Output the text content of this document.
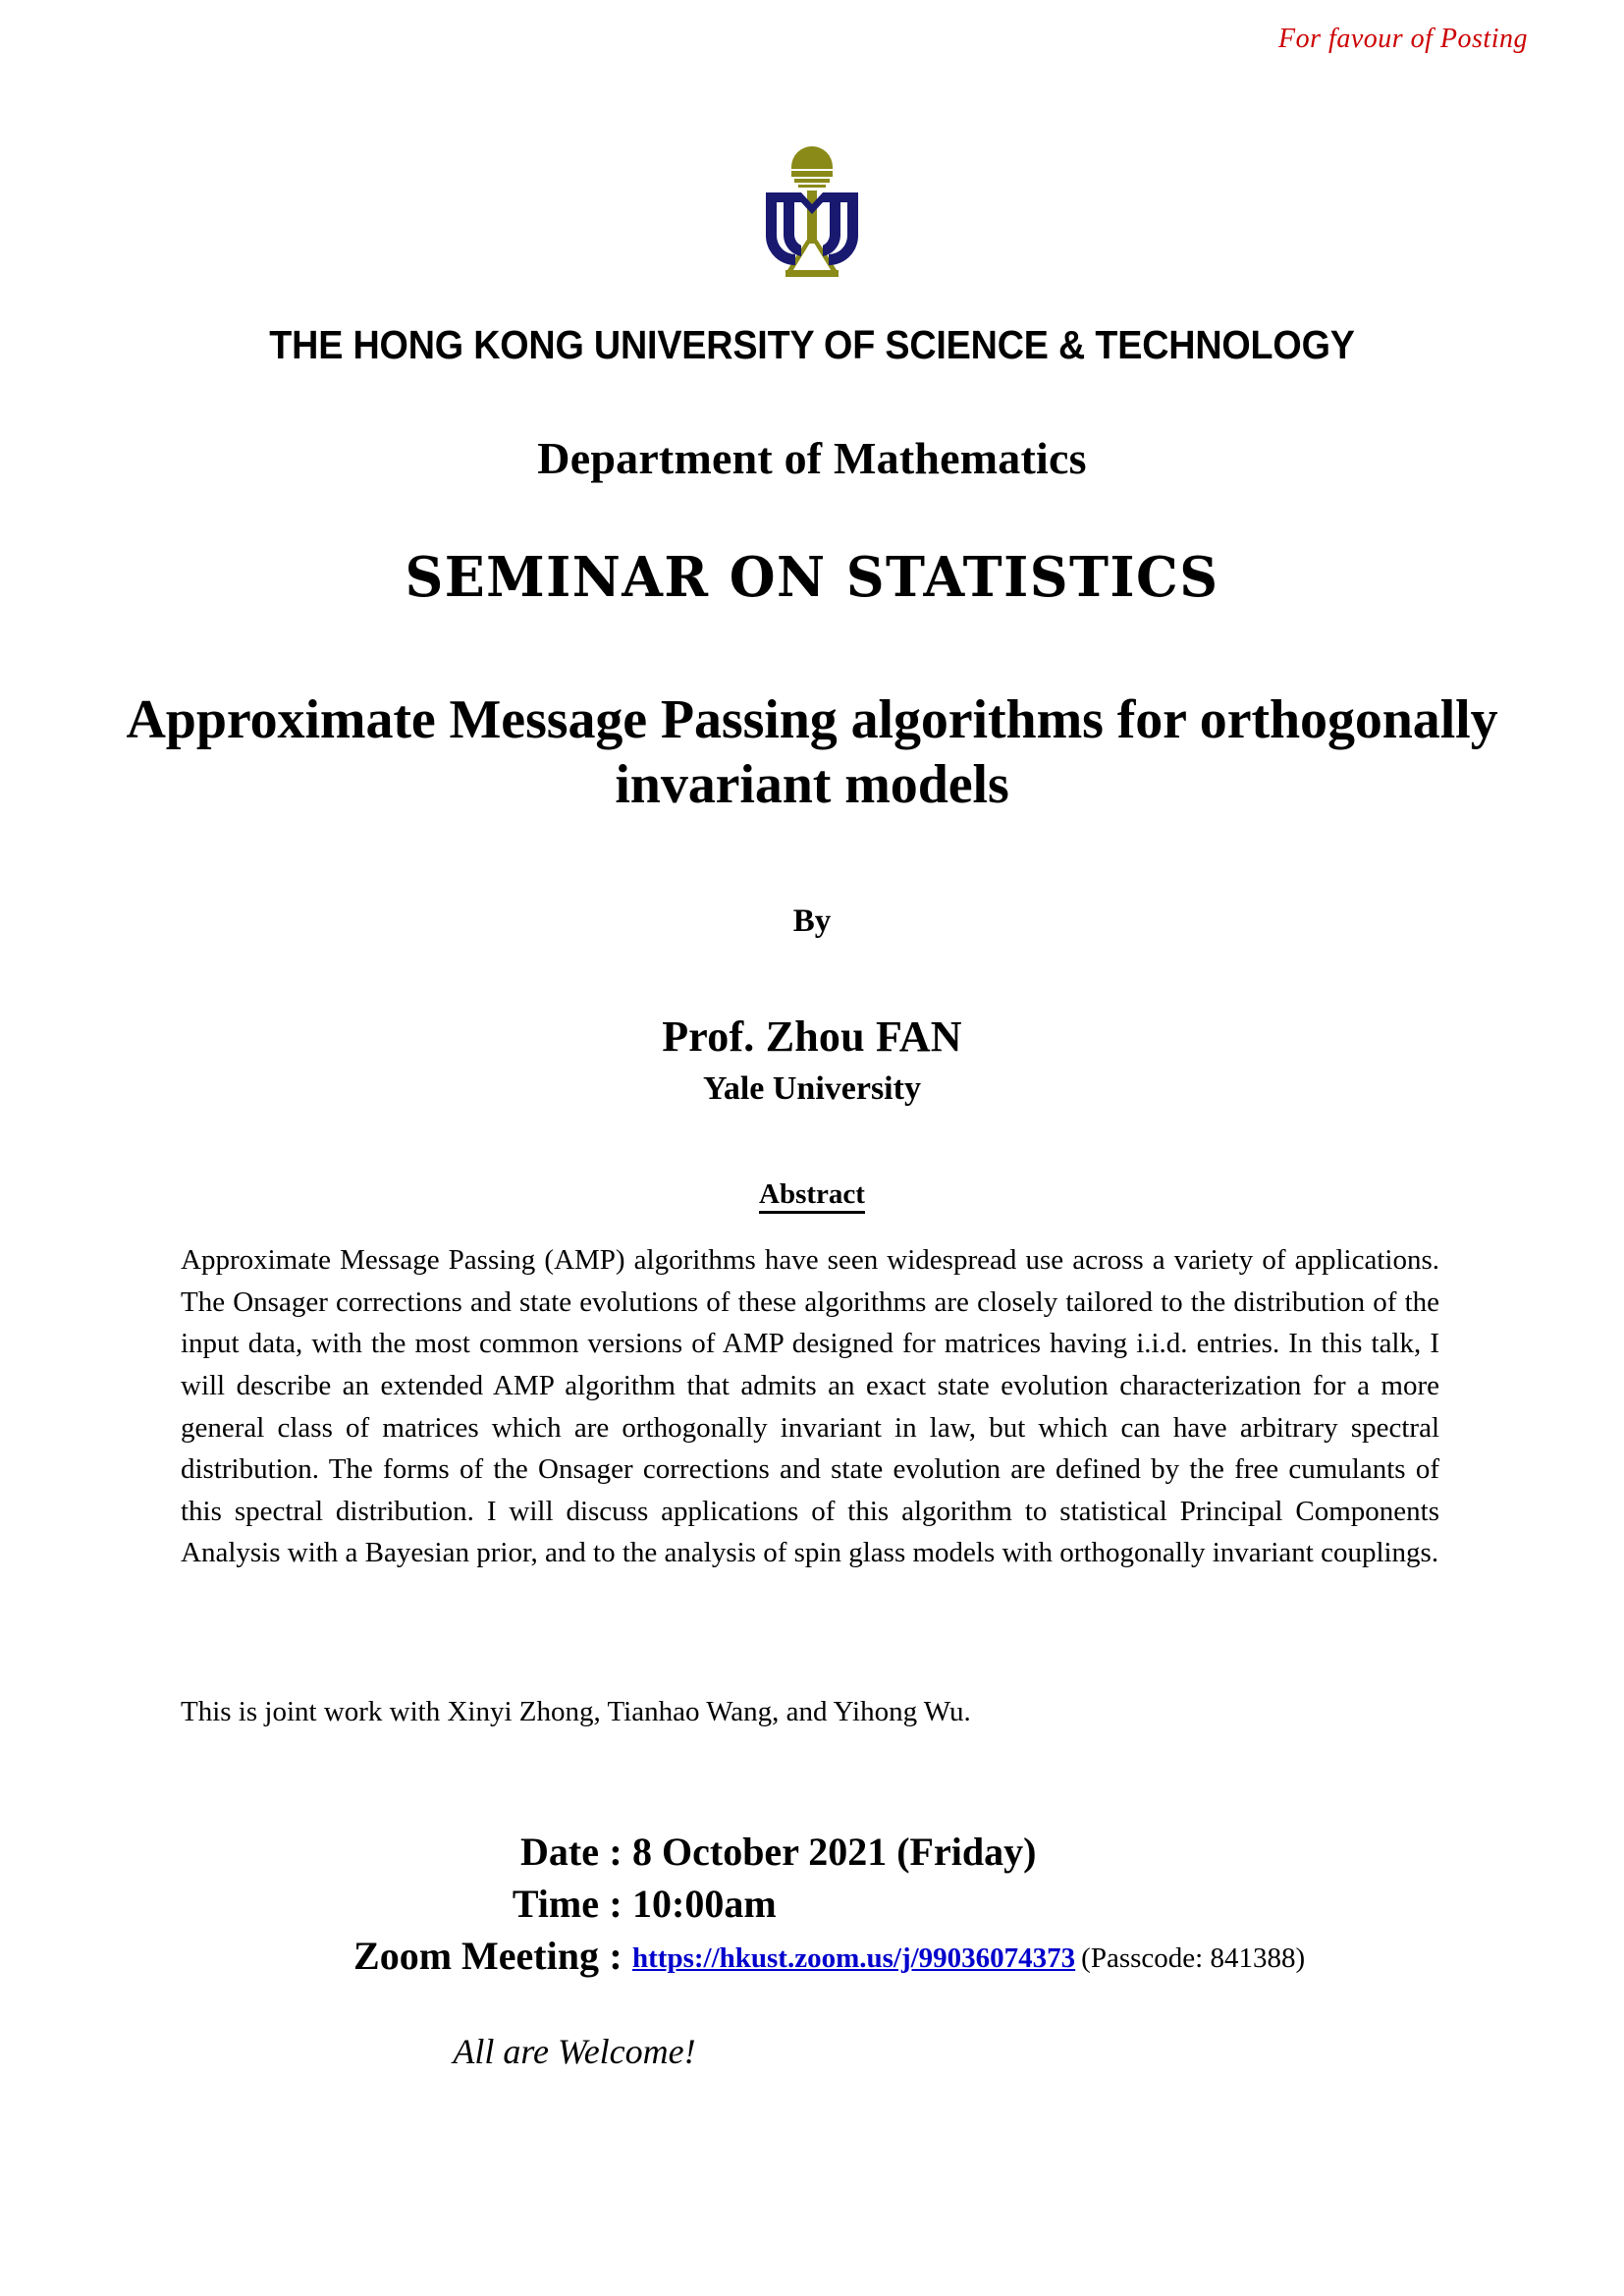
For favour of Posting
THE HONG KONG UNIVERSITY OF SCIENCE & TECHNOLOGY
Department of Mathematics
SEMINAR ON STATISTICS
Approximate Message Passing algorithms for orthogonally invariant models
By
Prof. Zhou FAN
Yale University
Abstract
Approximate Message Passing (AMP) algorithms have seen widespread use across a variety of applications. The Onsager corrections and state evolutions of these algorithms are closely tailored to the distribution of the input data, with the most common versions of AMP designed for matrices having i.i.d. entries. In this talk, I will describe an extended AMP algorithm that admits an exact state evolution characterization for a more general class of matrices which are orthogonally invariant in law, but which can have arbitrary spectral distribution. The forms of the Onsager corrections and state evolution are defined by the free cumulants of this spectral distribution. I will discuss applications of this algorithm to statistical Principal Components Analysis with a Bayesian prior, and to the analysis of spin glass models with orthogonally invariant couplings.
This is joint work with Xinyi Zhong, Tianhao Wang, and Yihong Wu.
Date : 8 October 2021 (Friday)
Time : 10:00am
Zoom Meeting : https://hkust.zoom.us/j/99036074373 (Passcode: 841388)
All are Welcome!
